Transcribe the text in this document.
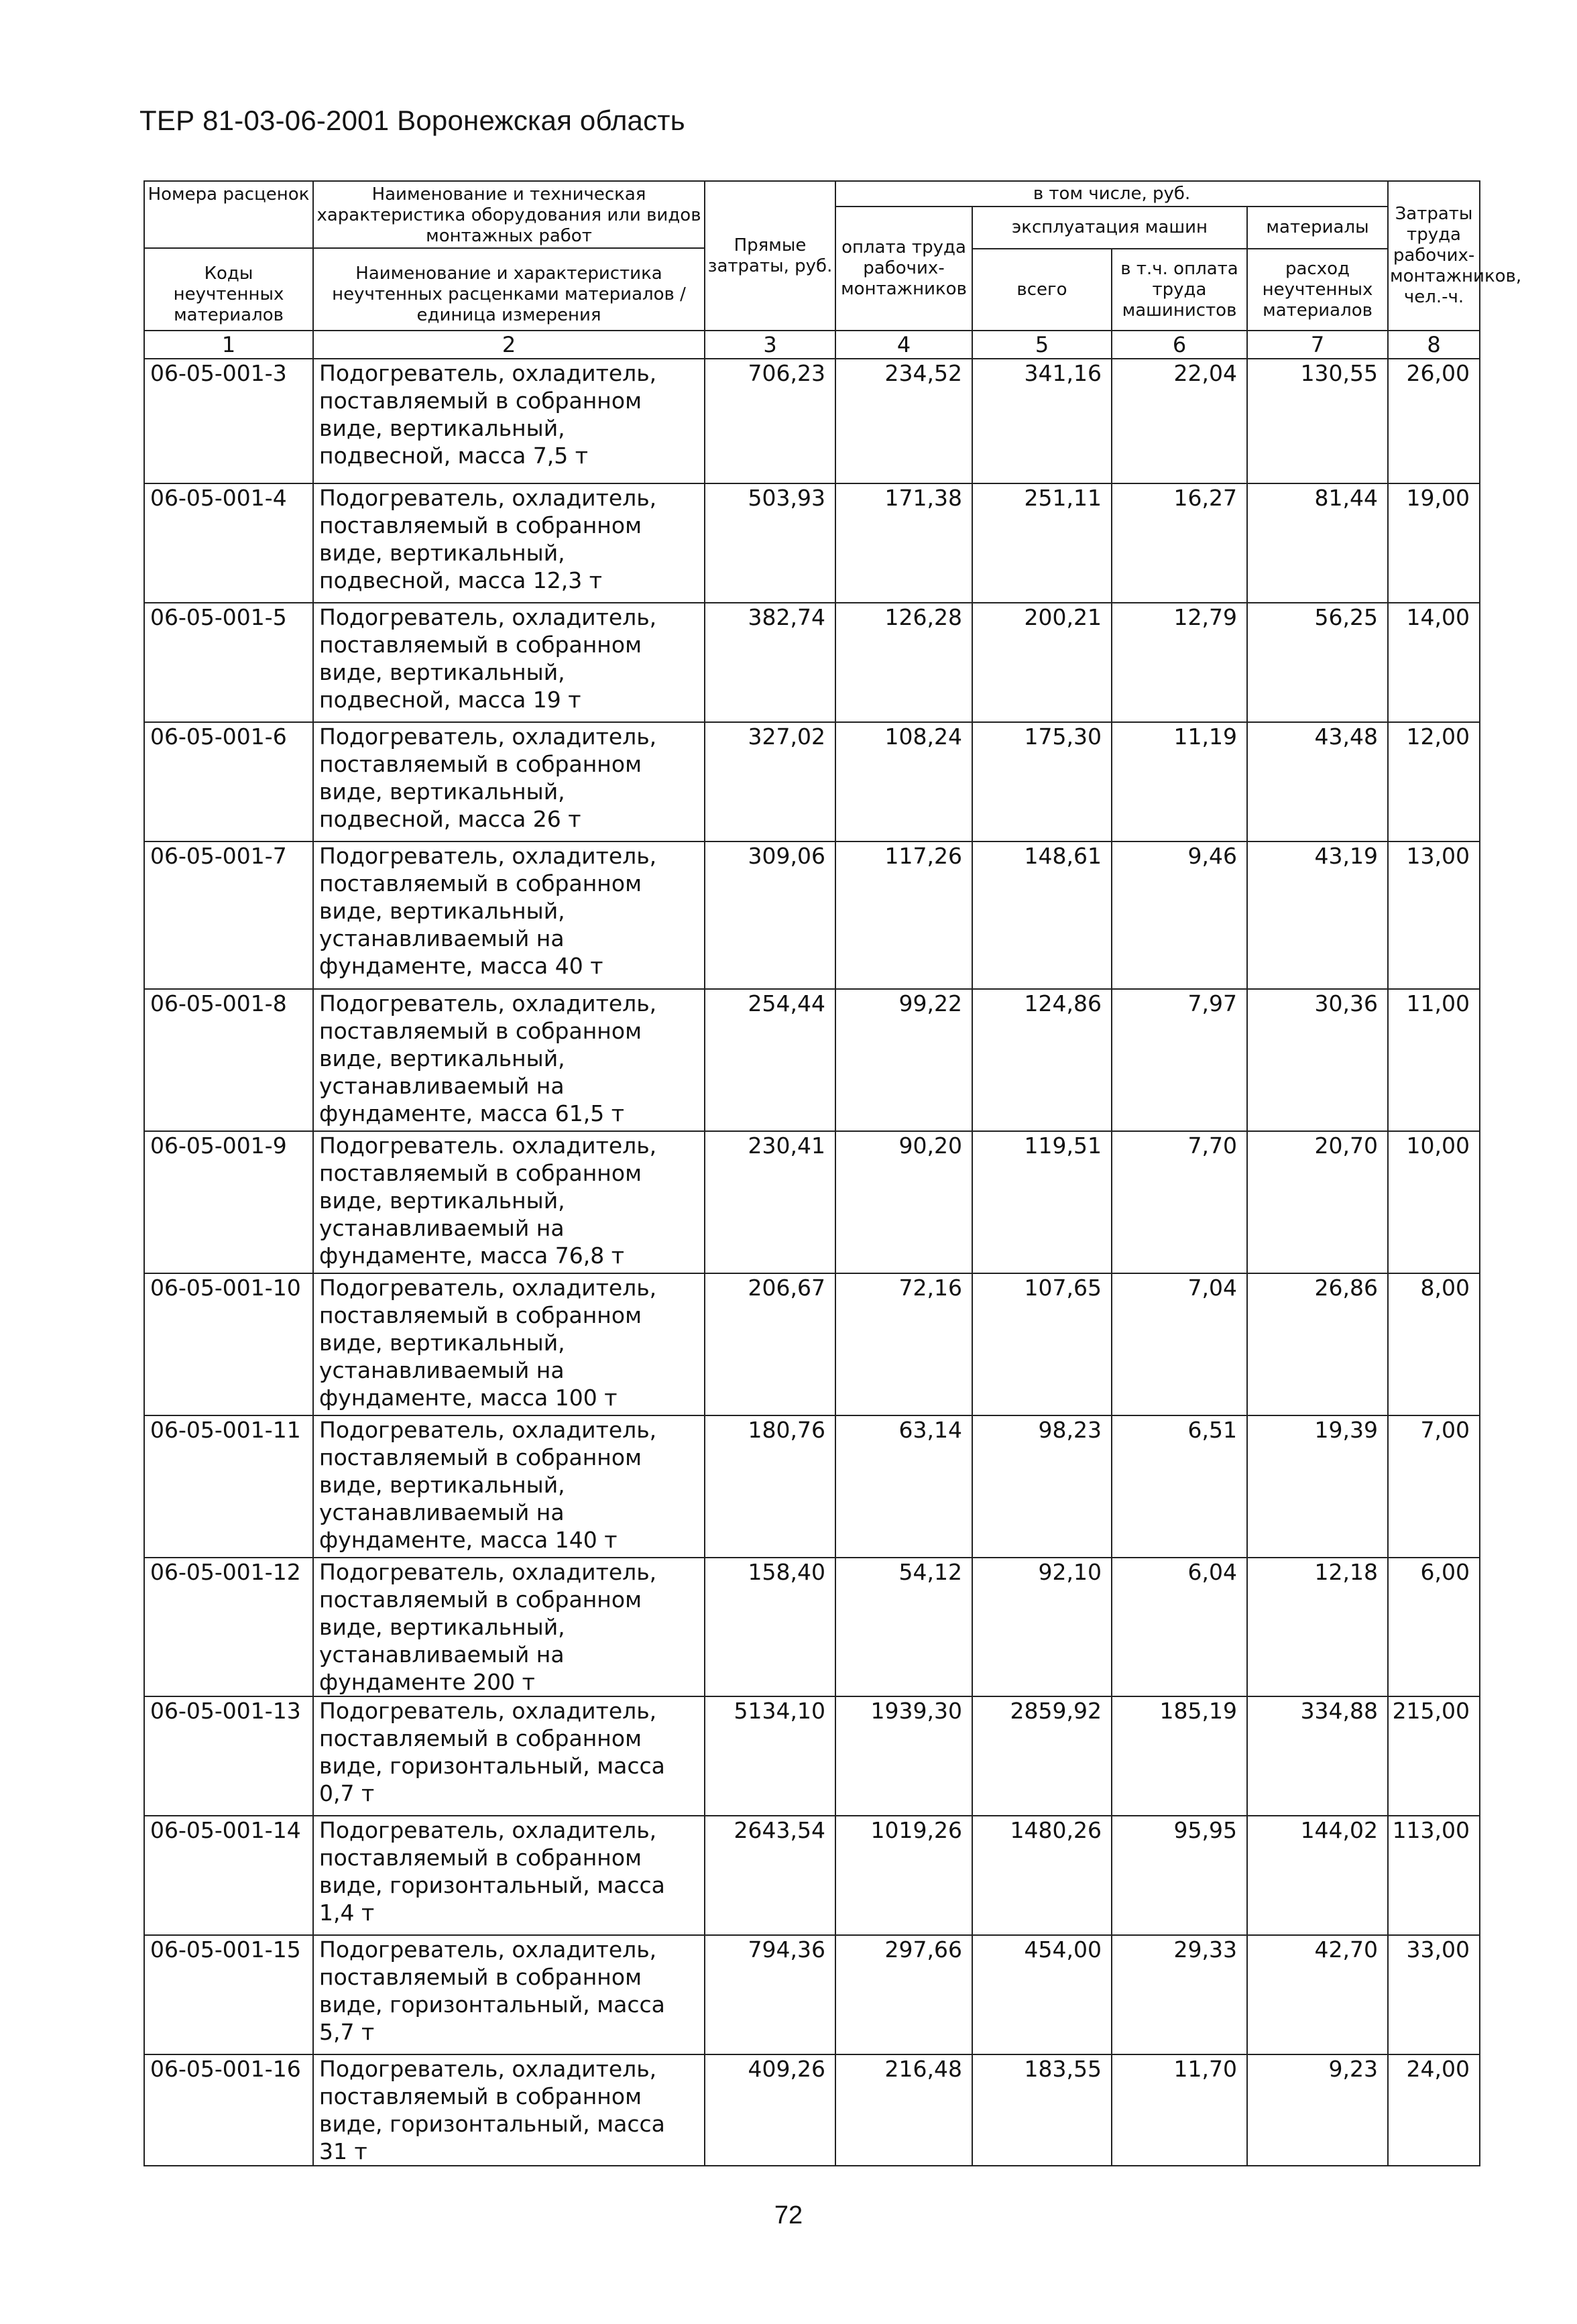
ТЕР 81-03-06-2001 Воронежская область
Номера расценок
Коды неучтенных материалов	Наименование и техническая характеристика оборудования или видов монтажных работ
Наименование и характеристика неучтенных расценками материалов / единица измерения	Прямые затраты, руб.	в том числе, руб.				Затраты труда рабочих-монтажников, чел.-ч.
			оплата труда рабочих-монтажников	эксплуатация машин		материалы	
				всего	в т.ч. оплата труда машинистов	расход неучтенных материалов	
1	2	3	4	5	6	7	8
06-05-001-3	Подогреватель, охладитель, поставляемый в собранном виде, вертикальный, подвесной, масса 7,5 т	706,23	234,52	341,16	22,04	130,55	26,00
06-05-001-4	Подогреватель, охладитель, поставляемый в собранном виде, вертикальный, подвесной, масса 12,3 т	503,93	171,38	251,11	16,27	81,44	19,00
06-05-001-5	Подогреватель, охладитель, поставляемый в собранном виде, вертикальный, подвесной, масса 19 т	382,74	126,28	200,21	12,79	56,25	14,00
06-05-001-6	Подогреватель, охладитель, поставляемый в собранном виде, вертикальный, подвесной, масса 26 т	327,02	108,24	175,30	11,19	43,48	12,00
06-05-001-7	Подогреватель, охладитель, поставляемый в собранном виде, вертикальный, устанавливаемый на фундаменте, масса 40 т	309,06	117,26	148,61	9,46	43,19	13,00
06-05-001-8	Подогреватель, охладитель, поставляемый в собранном виде, вертикальный, устанавливаемый на фундаменте, масса 61,5 т	254,44	99,22	124,86	7,97	30,36	11,00
06-05-001-9	Подогреватель. охладитель, поставляемый в собранном виде, вертикальный, устанавливаемый на фундаменте, масса 76,8 т	230,41	90,20	119,51	7,70	20,70	10,00
06-05-001-10	Подогреватель, охладитель, поставляемый в собранном виде, вертикальный, устанавливаемый на фундаменте, масса 100 т	206,67	72,16	107,65	7,04	26,86	8,00
06-05-001-11	Подогреватель, охладитель, поставляемый в собранном виде, вертикальный, устанавливаемый на фундаменте, масса 140 т	180,76	63,14	98,23	6,51	19,39	7,00
06-05-001-12	Подогреватель, охладитель, поставляемый в собранном виде, вертикальный, устанавливаемый на фундаменте 200 т	158,40	54,12	92,10	6,04	12,18	6,00
06-05-001-13	Подогреватель, охладитель, поставляемый в собранном виде, горизонтальный, масса 0,7 т	5134,10	1939,30	2859,92	185,19	334,88	215,00
06-05-001-14	Подогреватель, охладитель, поставляемый в собранном виде, горизонтальный, масса 1,4 т	2643,54	1019,26	1480,26	95,95	144,02	113,00
06-05-001-15	Подогреватель, охладитель, поставляемый в собранном виде, горизонтальный, масса 5,7 т	794,36	297,66	454,00	29,33	42,70	33,00
06-05-001-16	Подогреватель, охладитель, поставляемый в собранном виде, горизонтальный, масса 31 т	409,26	216,48	183,55	11,70	9,23	24,00
72
